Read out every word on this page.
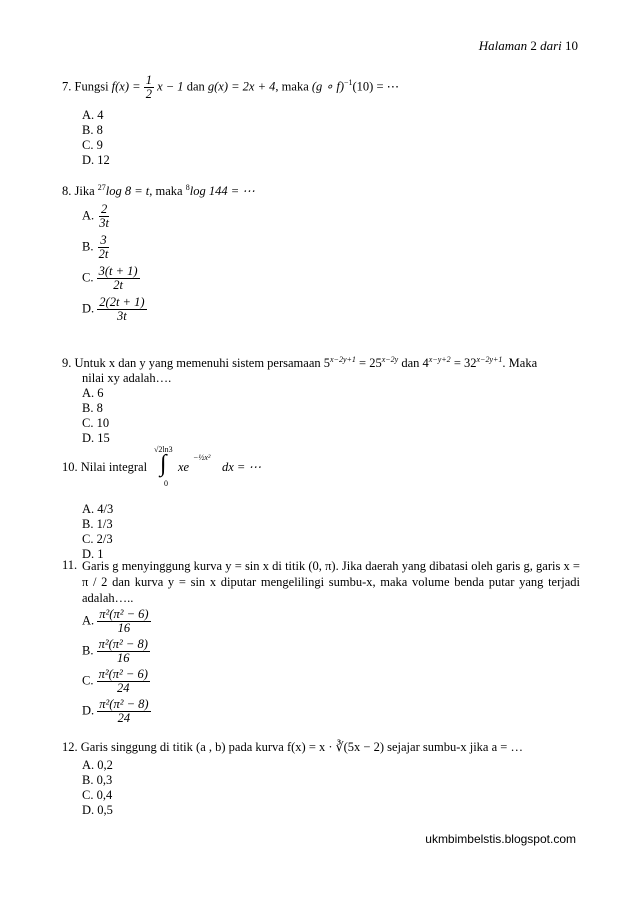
Halaman 2 dari 10
7. Fungsi $f(x) = \frac{1}{2}$ x − 1 dan g(x) = 2x + 4, maka (g ∘ f)$^{-1}$(10) = ⋯
A. 4
B. 8
C. 9
D. 12
8. Jika $^{27}$log 8 = t, maka $^8$log 144 = ⋯
A. $\frac{2}{3t}$
B. $\frac{3}{2t}$
C. $\frac{3(t + 1)}{2t}$
D. $\frac{2(2t + 1)}{3t}$
9. Untuk x dan y yang memenuhi sistem persamaan $5^{x-2y+1} = 25^{x-2y}$ dan $4^{x-y+2} = 32^{x-2y+1}$. Maka
nilai xy adalah….
A. 6
B. 8
C. 10
D. 15
10. Nilai integral
√2ln3
∫
0
xe
−½x²
dx = ⋯
A. 4/3
B. 1/3
C. 2/3
D. 1
11. Garis g menyinggung kurva y = sin x di titik (0, π). Jika daerah yang dibatasi oleh garis g, garis x = π / 2 dan kurva y = sin x diputar mengelilingi sumbu-x, maka volume benda putar yang terjadi adalah…..
A. $\frac{\text{π²(π² − 6)}}{16}$
B. $\frac{\text{π²(π² − 8)}}{16}$
C. $\frac{\text{π²(π² − 6)}}{24}$
D. $\frac{\text{π²(π² − 8)}}{24}$
12. Garis singgung di titik (a , b) pada kurva f(x) = x · ∛(5x − 2) sejajar sumbu-x jika a = …
A. 0,2
B. 0,3
C. 0,4
D. 0,5
ukmbimbelstis.blogspot.com
